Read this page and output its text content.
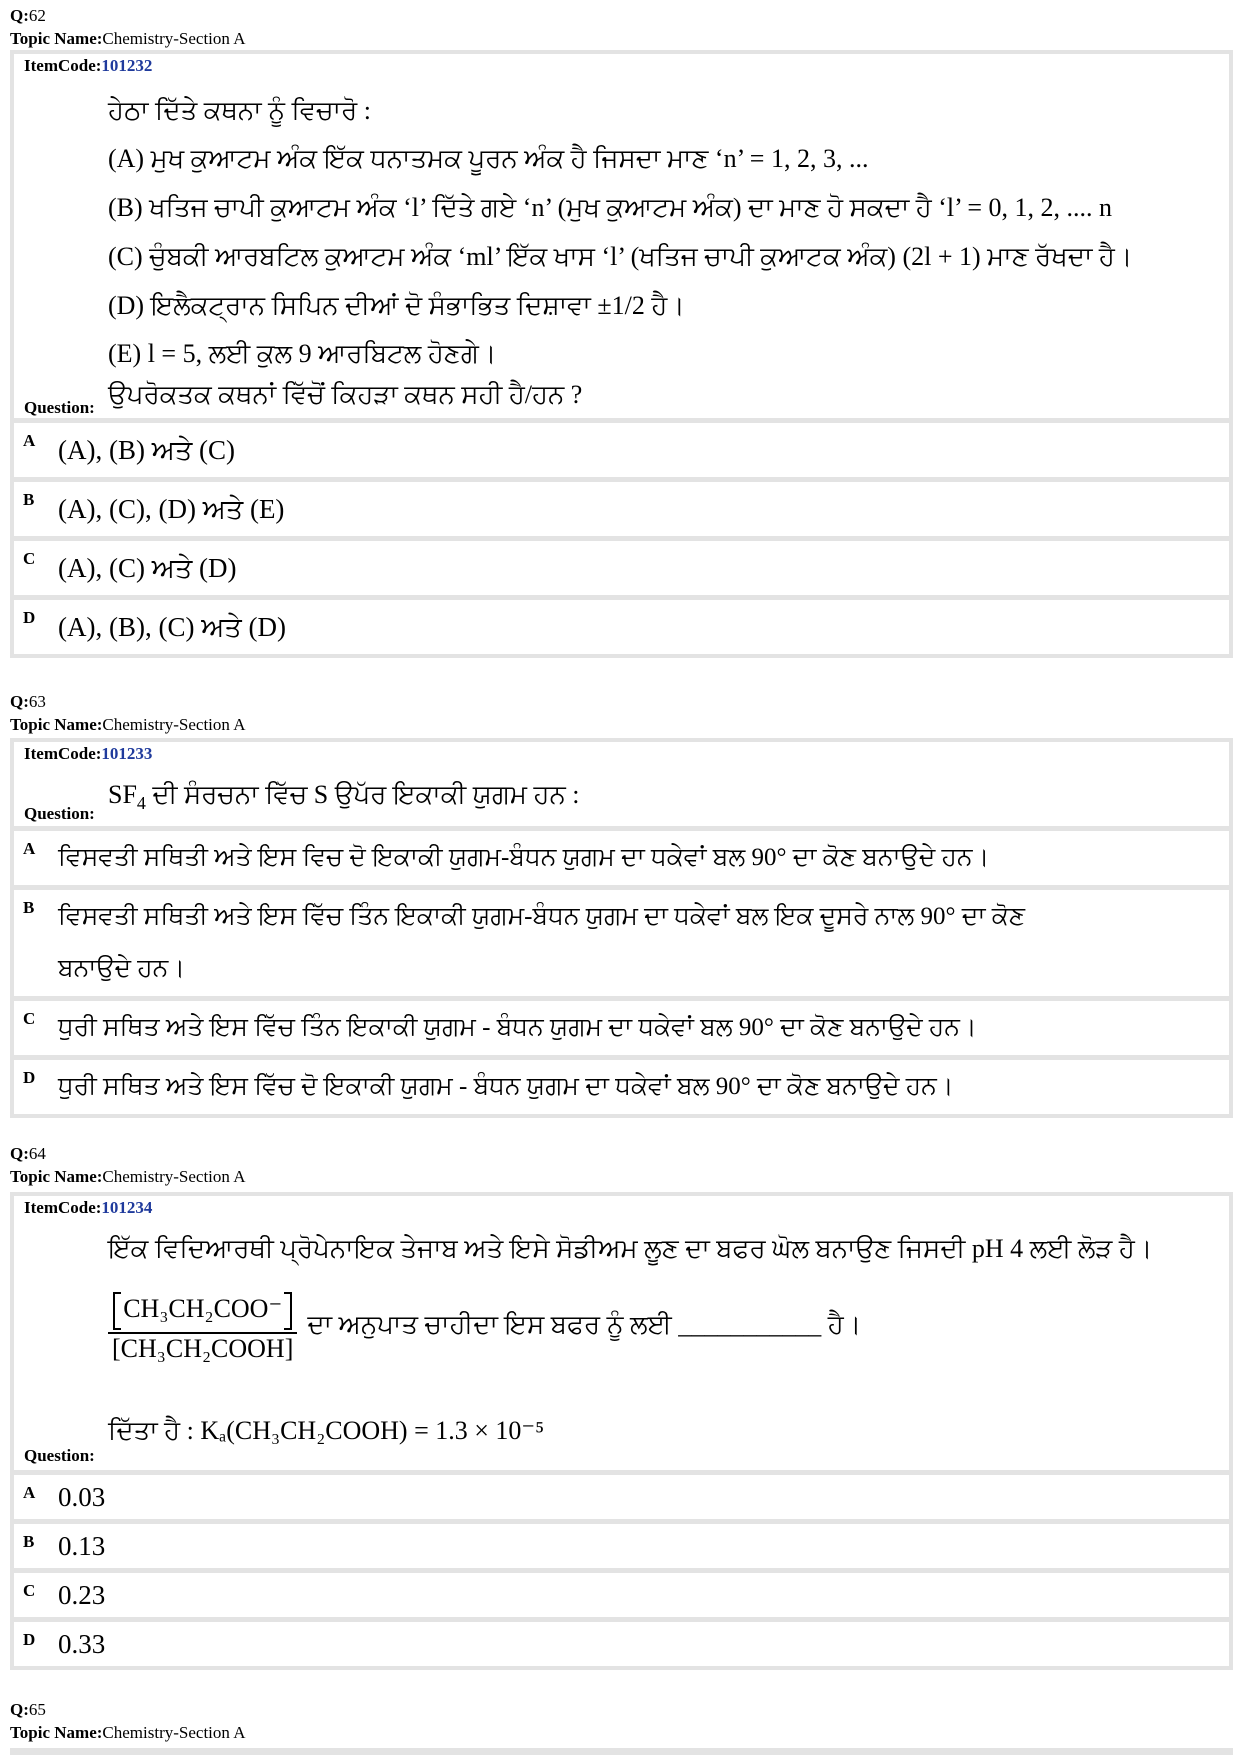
Q:62
Topic Name:Chemistry-Section A
ItemCode:101232
ਹੇਠਾ ਦਿੱਤੇ ਕਥਨਾ ਨੂੰ ਵਿਚਾਰੋ :
(A) ਮੁਖ ਕੁਆਟਮ ਅੰਕ ਇੱਕ ਧਨਾਤਮਕ ਪੂਰਨ ਅੰਕ ਹੈ ਜਿਸਦਾ ਮਾਣ ‘n’ = 1, 2, 3, ...
(B) ਖਤਿਜ ਚਾਪੀ ਕੁਆਟਮ ਅੰਕ ‘l’ ਦਿੱਤੇ ਗਏ ‘n’ (ਮੁਖ ਕੁਆਟਮ ਅੰਕ) ਦਾ ਮਾਣ ਹੋ ਸਕਦਾ ਹੈ ‘l’ = 0, 1, 2, .... n
(C) ਚੁੰਬਕੀ ਆਰਬਟਿਲ ਕੁਆਟਮ ਅੰਕ ‘ml’ ਇੱਕ ਖਾਸ ‘l’ (ਖਤਿਜ ਚਾਪੀ ਕੁਆਟਕ ਅੰਕ) (2l + 1) ਮਾਣ ਰੱਖਦਾ ਹੈ।
(D) ਇਲੈਕਟ੍ਰਾਨ ਸਿਪਿਨ ਦੀਆਂ ਦੋ ਸੰਭਾਭਿਤ ਦਿਸ਼ਾਵਾ ±1/2 ਹੈ।
(E) l = 5, ਲਈ ਕੁਲ 9 ਆਰਬਿਟਲ ਹੋਣਗੇ।
ਉਪਰੋਕਤਕ ਕਥਨਾਂ ਵਿੱਚੋਂ ਕਿਹੜਾ ਕਥਨ ਸਹੀ ਹੈ/ਹਨ ?
Question:
A (A), (B) ਅਤੇ (C)
B (A), (C), (D) ਅਤੇ (E)
C (A), (C) ਅਤੇ (D)
D (A), (B), (C) ਅਤੇ (D)
Q:63
Topic Name:Chemistry-Section A
ItemCode:101233
$SF_4$ ਦੀ ਸੰਰਚਨਾ ਵਿੱਚ S ਉਪੱਰ ਇਕਾਕੀ ਯੁਗਮ ਹਨ :
Question:
A ਵਿਸਵਤੀ ਸਥਿਤੀ ਅਤੇ ਇਸ ਵਿਚ ਦੋ ਇਕਾਕੀ ਯੁਗਮ-ਬੰਧਨ ਯੁਗਮ ਦਾ ਧਕੇਵਾਂ ਬਲ 90° ਦਾ ਕੋਣ ਬਨਾਉਦੇ ਹਨ।
B ਵਿਸਵਤੀ ਸਥਿਤੀ ਅਤੇ ਇਸ ਵਿੱਚ ਤਿੰਨ ਇਕਾਕੀ ਯੁਗਮ-ਬੰਧਨ ਯੁਗਮ ਦਾ ਧਕੇਵਾਂ ਬਲ ਇਕ ਦੂਸਰੇ ਨਾਲ 90° ਦਾ ਕੋਣ
ਬਨਾਉਦੇ ਹਨ।
C ਧੁਰੀ ਸਥਿਤ ਅਤੇ ਇਸ ਵਿੱਚ ਤਿੰਨ ਇਕਾਕੀ ਯੁਗਮ - ਬੰਧਨ ਯੁਗਮ ਦਾ ਧਕੇਵਾਂ ਬਲ 90° ਦਾ ਕੋਣ ਬਨਾਉਦੇ ਹਨ।
D ਧੁਰੀ ਸਥਿਤ ਅਤੇ ਇਸ ਵਿੱਚ ਦੋ ਇਕਾਕੀ ਯੁਗਮ - ਬੰਧਨ ਯੁਗਮ ਦਾ ਧਕੇਵਾਂ ਬਲ 90° ਦਾ ਕੋਣ ਬਨਾਉਦੇ ਹਨ।
Q:64
Topic Name:Chemistry-Section A
ItemCode:101234
ਇੱਕ ਵਿਦਿਆਰਥੀ ਪ੍ਰੋਪੇਨਾਇਕ ਤੇਜਾਬ ਅਤੇ ਇਸੇ ਸੋਡੀਅਮ ਲੂਣ ਦਾ ਬਫਰ ਘੋਲ ਬਨਾਉਣ ਜਿਸਦੀ pH 4 ਲਈ ਲੋੜ ਹੈ।
$\frac{\text{CH₃CH₂COO⁻}}{\text{[CH₃CH₂COOH]}}$ ਦਾ ਅਨੁਪਾਤ ਚਾਹੀਦਾ ਇਸ ਬਫਰ ਨੂੰ ਲਈ ___________ ਹੈ।
ਦਿੱਤਾ ਹੈ : Kₐ(CH₃CH₂COOH) = 1.3 × 10⁻⁵
Question:
A 0.03
B 0.13
C 0.23
D 0.33
Q:65
Topic Name:Chemistry-Section A
